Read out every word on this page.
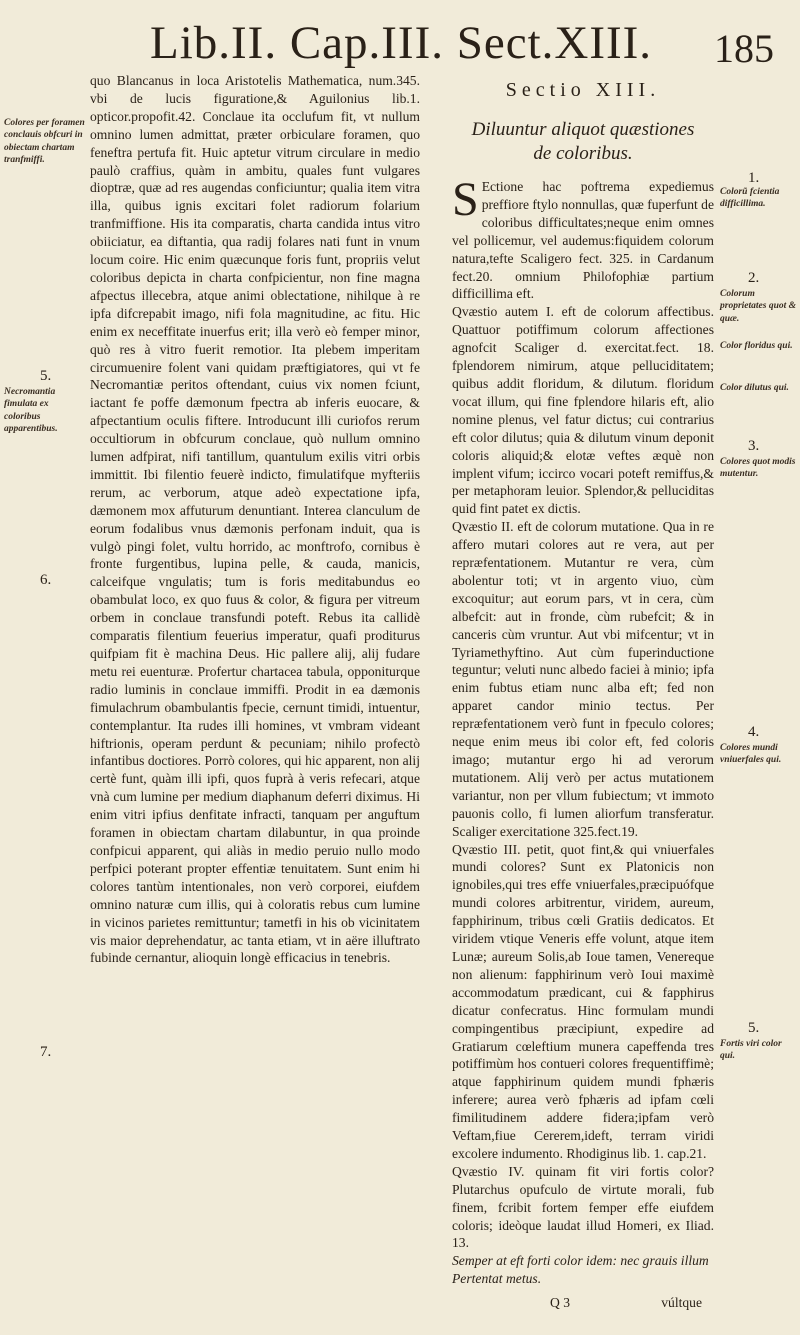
Lib.II. Cap.III. Sect.XIII. 185
Colores per foramen conclauis obfcuri in obiectam chartam tranfmiffi.
5.
Necromantia fimulata ex coloribus apparentibus.
6.
7.

quo Blancanus in loca Aristotelis Mathematica, num.345. vbi de lucis figuratione,& Aguilonius lib.1. opticor.propofit.42. Conclaue ita occlufum fit, vt nullum omnino lumen admittat, præter orbiculare foramen, quo feneftra pertufa fit. Huic aptetur vitrum circulare in medio paulò craffius, quàm in ambitu, quales funt vulgares dioptræ, quæ ad res augendas conficiuntur; qualia item vitra illa, quibus ignis excitari folet radiorum folarium tranfmiffione. His ita comparatis, charta candida intus vitro obiiciatur, ea diftantia, qua radij folares nati funt in vnum locum coire. Hic enim quæcunque foris funt, propriis velut coloribus depicta in charta confpicientur, non fine magna afpectus illecebra, atque animi oblectatione, nihilque à re ipfa difcrepabit imago, nifi fola magnitudine, ac fitu. Hic enim ex neceffitate inuerfus erit; illa verò eò femper minor, quò res à vitro fuerit remotior. Ita plebem imperitam circumuenire folent vani quidam præftigiatores, qui vt fe Necromantiæ peritos oftendant, cuius vix nomen fciunt, iactant fe poffe dæmonum fpectra ab inferis euocare, & afpectantium oculis fiftere. Introducunt illi curiofos rerum occultiorum in obfcurum conclaue, quò nullum omnino lumen adfpirat, nifi tantillum, quantulum exilis vitri orbis immittit. Ibi filentio feuerè indicto, fimulatifque myfteriis rerum, ac verborum, atque adeò expectatione ipfa, dæmonem mox affuturum denuntiant. Interea clanculum de eorum fodalibus vnus dæmonis perfonam induit, qua is vulgò pingi folet, vultu horrido, ac monftrofo, cornibus è fronte furgentibus, lupina pelle, & cauda, manicis, calceifque vngulatis; tum is foris meditabundus eo obambulat loco, ex quo fuus & color, & figura per vitreum orbem in conclaue transfundi poteft. Rebus ita callidè comparatis filentium feuerius imperatur, quafi proditurus quifpiam fit è machina Deus. Hic pallere alij, alij fudare metu rei euenturæ. Profertur chartacea tabula, opponiturque radio luminis in conclaue immiffi. Prodit in ea dæmonis fimulachrum obambulantis fpecie, cernunt timidi, intuentur, contemplantur. Ita rudes illi homines, vt vmbram videant hiftrionis, operam perdunt & pecuniam; nihilo profectò infantibus doctiores. Porrò colores, qui hic apparent, non alij certè funt, quàm illi ipfi, quos fuprà à veris refecari, atque vnà cum lumine per medium diaphanum deferri diximus. Hi enim vitri ipfius denfitate infracti, tanquam per anguftum foramen in obiectam chartam dilabuntur, in qua proinde confpicui apparent, qui aliàs in medio peruio nullo modo perfpici poterant propter effentiæ tenuitatem. Sunt enim hi colores tantùm intentionales, non verò corporei, eiufdem omnino naturæ cum illis, qui à coloratis rebus cum lumine in vicinos parietes remittuntur; tametfi in his ob vicinitatem vis maior deprehendatur, ac tanta etiam, vt in aëre illuftrato fubinde cernantur, alioquin longè efficacius in tenebris.

Sectio XIII.
Diluuntur aliquot quæstiones de coloribus.

S Ectione hac poftrema expediemus preffiore ftylo nonnullas, quæ fuperfunt de coloribus difficultates;neque enim omnes vel pollicemur, vel audemus:fiquidem colorum natura,tefte Scaligero fect. 325. in Cardanum fect.20. omnium Philofophiæ partium difficillima eft.

Qvæstio autem I. eft de colorum affectibus. Quattuor potiffimum colorum affectiones agnofcit Scaliger d. exercitat.fect. 18. fplendorem nimirum, atque pelluciditatem; quibus addit floridum, & dilutum. floridum vocat illum, qui fine fplendore hilaris eft, alio nomine plenus, vel fatur dictus; cui contrarius eft color dilutus; quia & dilutum vinum deponit coloris aliquid;& elotæ veftes æquè non implent vifum; iccirco vocari poteft remiffus,& per metaphoram leuior. Splendor,& pelluciditas quid fint patet ex dictis.

Qvæstio II. eft de colorum mutatione. Qua in re affero mutari colores aut re vera, aut per repræfentationem. Mutantur re vera, cùm abolentur toti; vt in argento viuo, cùm excoquitur; aut eorum pars, vt in cera, cùm albefcit: aut in fronde, cùm rubefcit; & in canceris cùm vruntur. Aut vbi mifcentur; vt in Tyriamethyftino. Aut cùm fuperinductione teguntur; veluti nunc albedo faciei à minio; ipfa enim fubtus etiam nunc alba eft; fed non apparet candor minio tectus. Per repræfentationem verò funt in fpeculo colores; neque enim meus ibi color eft, fed coloris imago; mutantur ergo hi ad verorum mutationem. Alij verò per actus mutationem variantur, non per vllum fubiectum; vt immoto pauonis collo, fi lumen aliorfum transferatur. Scaliger exercitatione 325.fect.19.

Qvæstio III. petit, quot fint,& qui vniuerfales mundi colores? Sunt ex Platonicis non ignobiles,qui tres effe vniuerfales,præcipuófque mundi colores arbitrentur, viridem, aureum, fapphirinum, tribus cœli Gratiis dedicatos. Et viridem vtique Veneris effe volunt, atque item Lunæ; aureum Solis,ab Ioue tamen, Venereque non alienum: fapphirinum verò Ioui maximè accommodatum prædicant, cui & fapphirus dicatur confecratus. Hinc formulam mundi compingentibus præcipiunt, expedire ad Gratiarum cœleftium munera capeffenda tres potiffimùm hos contueri colores frequentiffimè; atque fapphirinum quidem mundi fphæris inferere; aurea verò fphæris ad ipfam cœli fimilitudinem addere fidera;ipfam verò Veftam,fiue Cererem,ideft, terram viridi excolere indumento. Rhodiginus lib. 1. cap.21.

Qvæstio IV. quinam fit viri fortis color? Plutarchus opufculo de virtute morali, fub finem, fcribit fortem femper effe eiufdem coloris; ideòque laudat illud Homeri, ex Iliad. 13.

Semper at eft forti color idem: nec grauis illum
Pertentat metus.
Q 3	vúltque
1.
Colorũ fcientia difficillima.
2.
Colorum proprietates quot & quæ.
Color floridus qui.
Color dilutus qui.
3.
Colores quot modis mutentur.
4.
Colores mundi vniuerfales qui.
5.
Fortis viri color qui.
